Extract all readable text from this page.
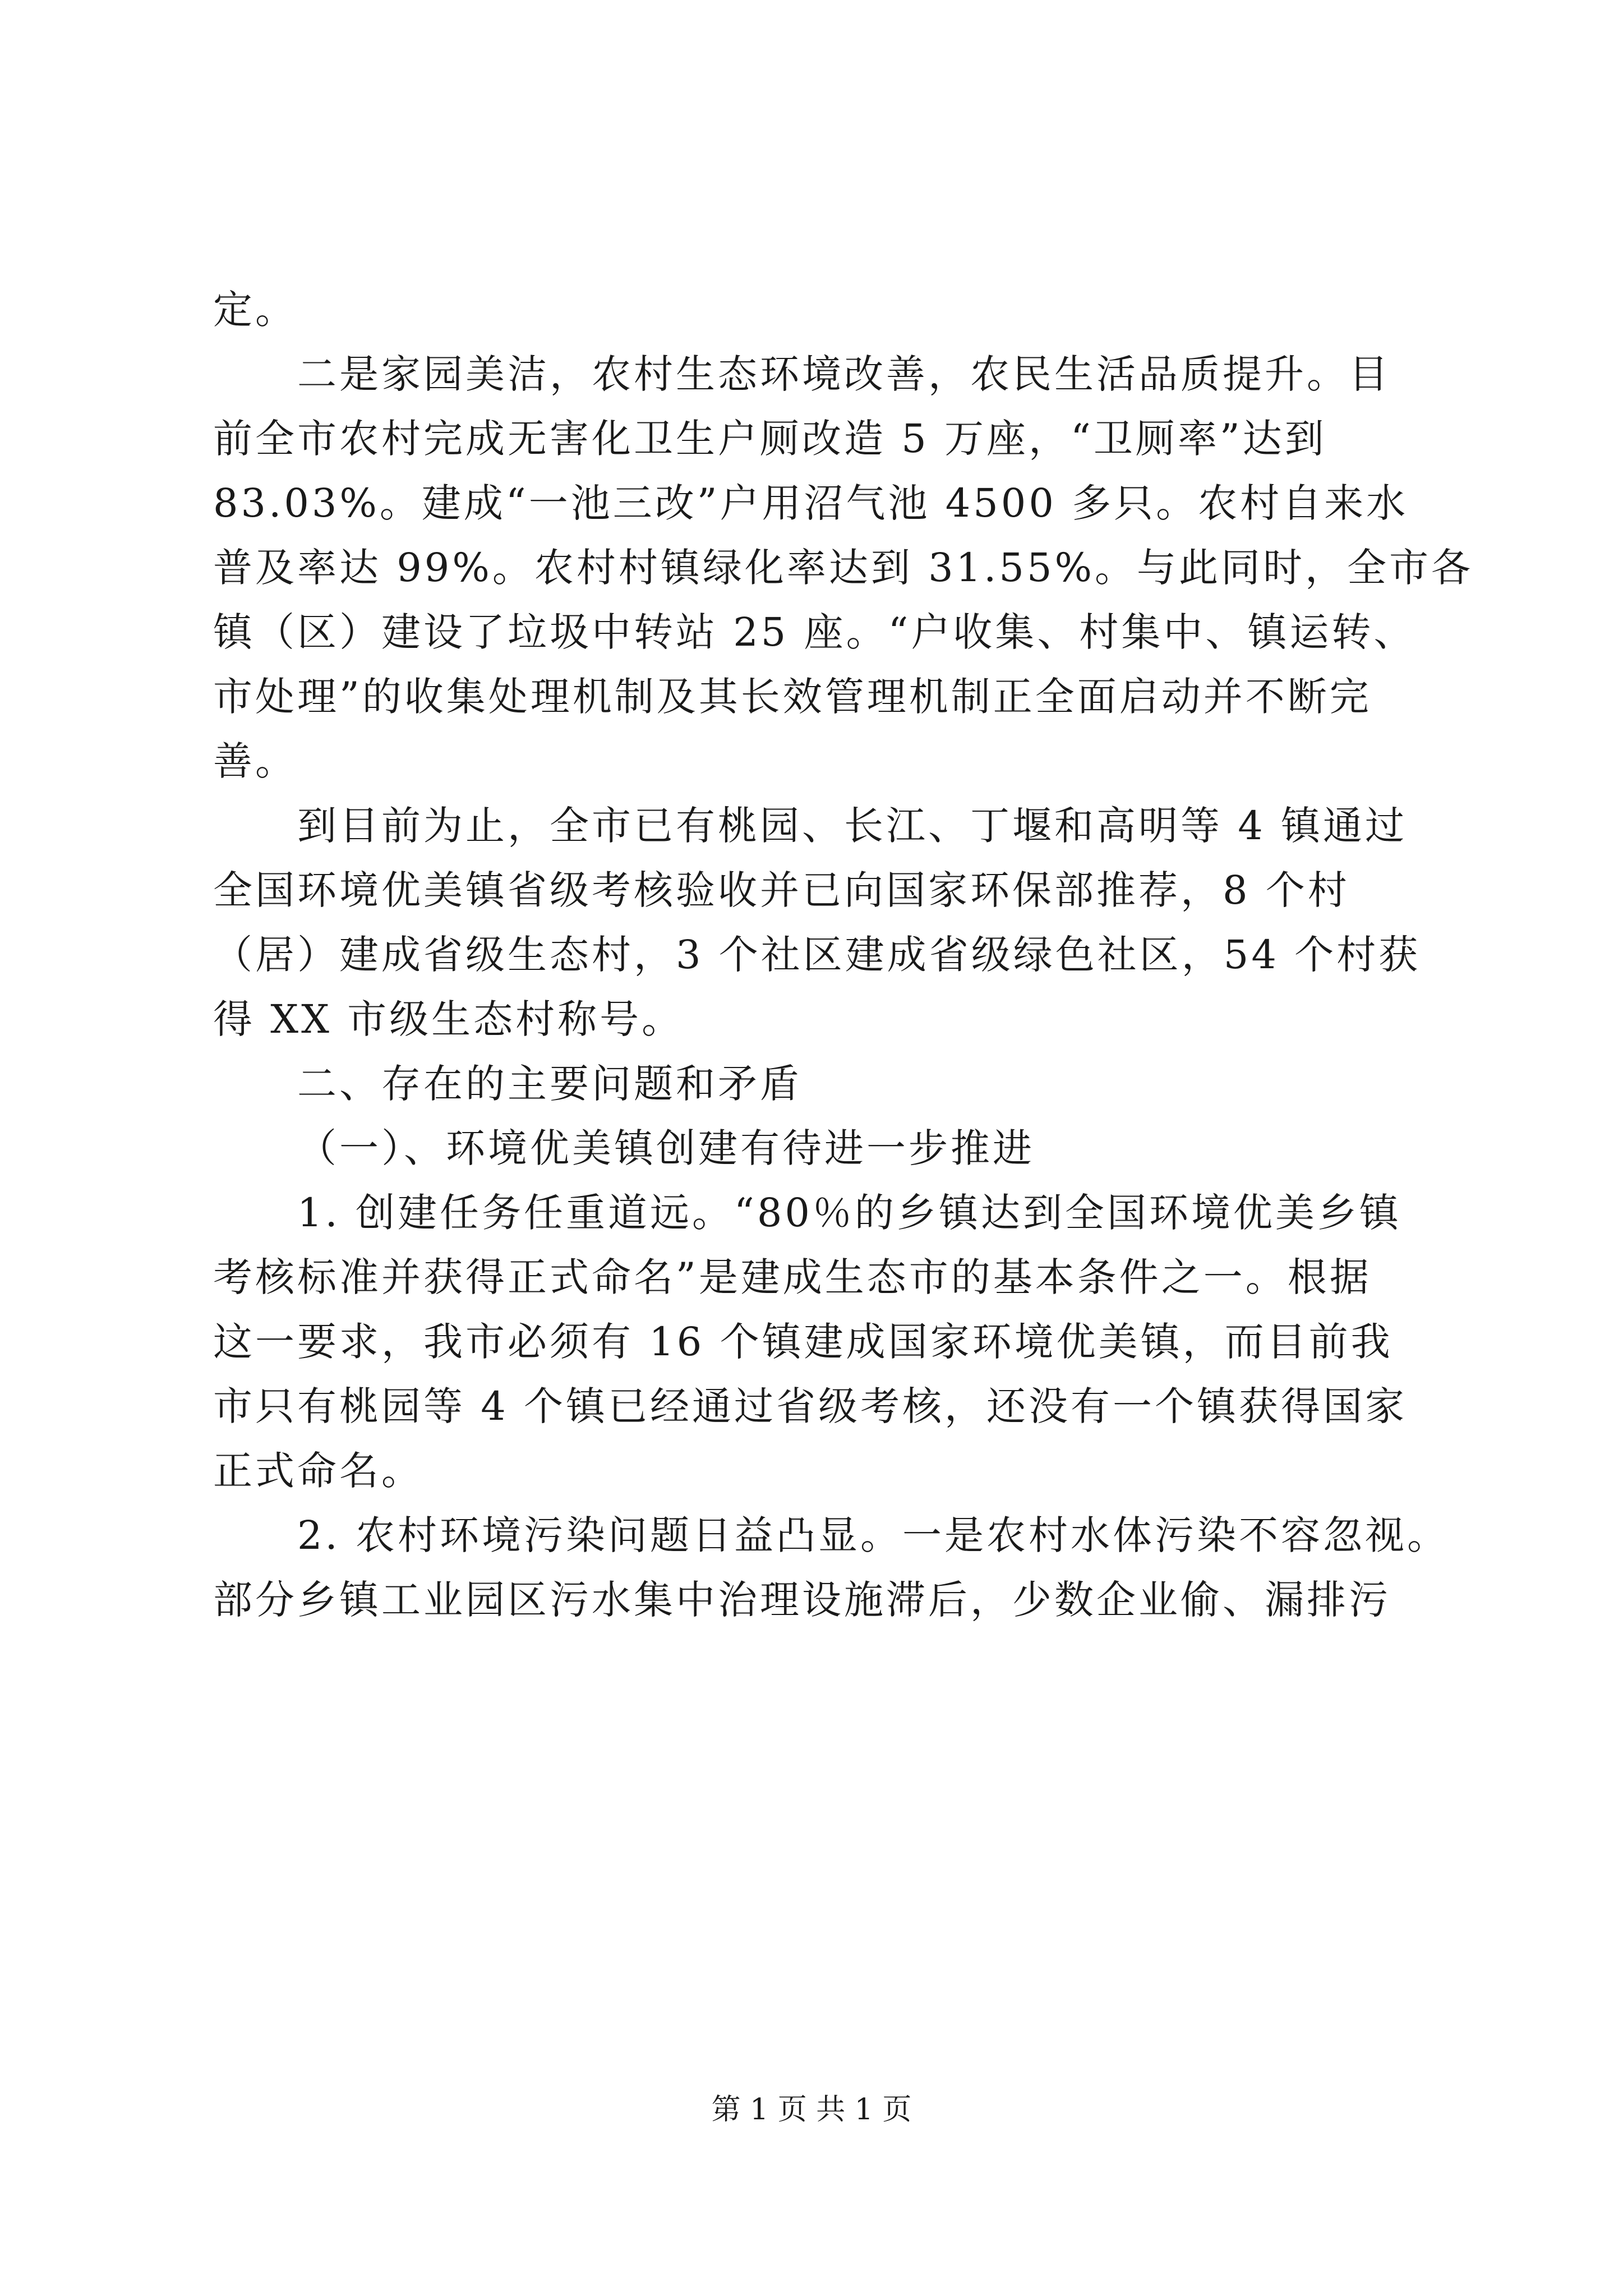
定。
二是家园美洁，农村生态环境改善，农民生活品质提升。目
前全市农村完成无害化卫生户厕改造 5 万座，“卫厕率”达到
83.03%。建成“一池三改”户用沼气池 4500 多只。农村自来水
普及率达 99%。农村村镇绿化率达到 31.55%。与此同时，全市各
镇（区）建设了垃圾中转站 25 座。“户收集、村集中、镇运转、
市处理”的收集处理机制及其长效管理机制正全面启动并不断完
善。
到目前为止，全市已有桃园、长江、丁堰和高明等 4 镇通过
全国环境优美镇省级考核验收并已向国家环保部推荐，8 个村
（居）建成省级生态村，3 个社区建成省级绿色社区，54 个村获
得 XX 市级生态村称号。
二、存在的主要问题和矛盾
（一）、环境优美镇创建有待进一步推进
1. 创建任务任重道远。“80％的乡镇达到全国环境优美乡镇
考核标准并获得正式命名”是建成生态市的基本条件之一。根据
这一要求，我市必须有 16 个镇建成国家环境优美镇，而目前我
市只有桃园等 4 个镇已经通过省级考核，还没有一个镇获得国家
正式命名。
2. 农村环境污染问题日益凸显。一是农村水体污染不容忽视。
部分乡镇工业园区污水集中治理设施滞后，少数企业偷、漏排污
第 1 页 共 1 页
